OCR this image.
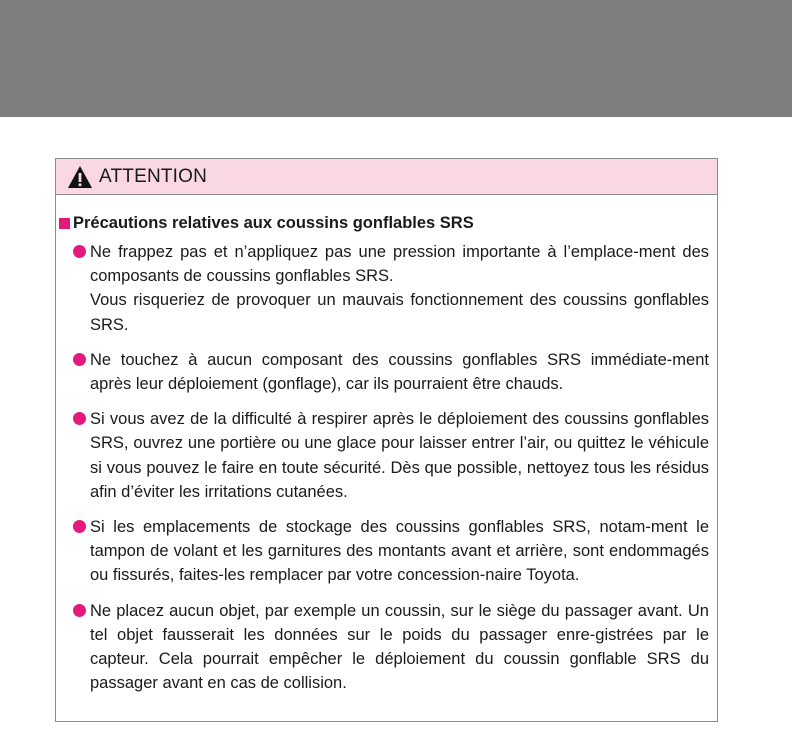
ATTENTION
Précautions relatives aux coussins gonflables SRS

Ne frappez pas et n’appliquez pas une pression importante à l’emplace-ment des composants de coussins gonflables SRS.

Vous risqueriez de provoquer un mauvais fonctionnement des coussins gonflables SRS.

Ne touchez à aucun composant des coussins gonflables SRS immédiate-ment après leur déploiement (gonflage), car ils pourraient être chauds.

Si vous avez de la difficulté à respirer après le déploiement des coussins gonflables SRS, ouvrez une portière ou une glace pour laisser entrer l’air, ou quittez le véhicule si vous pouvez le faire en toute sécurité. Dès que possible, nettoyez tous les résidus afin d’éviter les irritations cutanées.

Si les emplacements de stockage des coussins gonflables SRS, notam-ment le tampon de volant et les garnitures des montants avant et arrière, sont endommagés ou fissurés, faites-les remplacer par votre concession-naire Toyota.

Ne placez aucun objet, par exemple un coussin, sur le siège du passager avant. Un tel objet fausserait les données sur le poids du passager enre-gistrées par le capteur. Cela pourrait empêcher le déploiement du coussin gonflable SRS du passager avant en cas de collision.
